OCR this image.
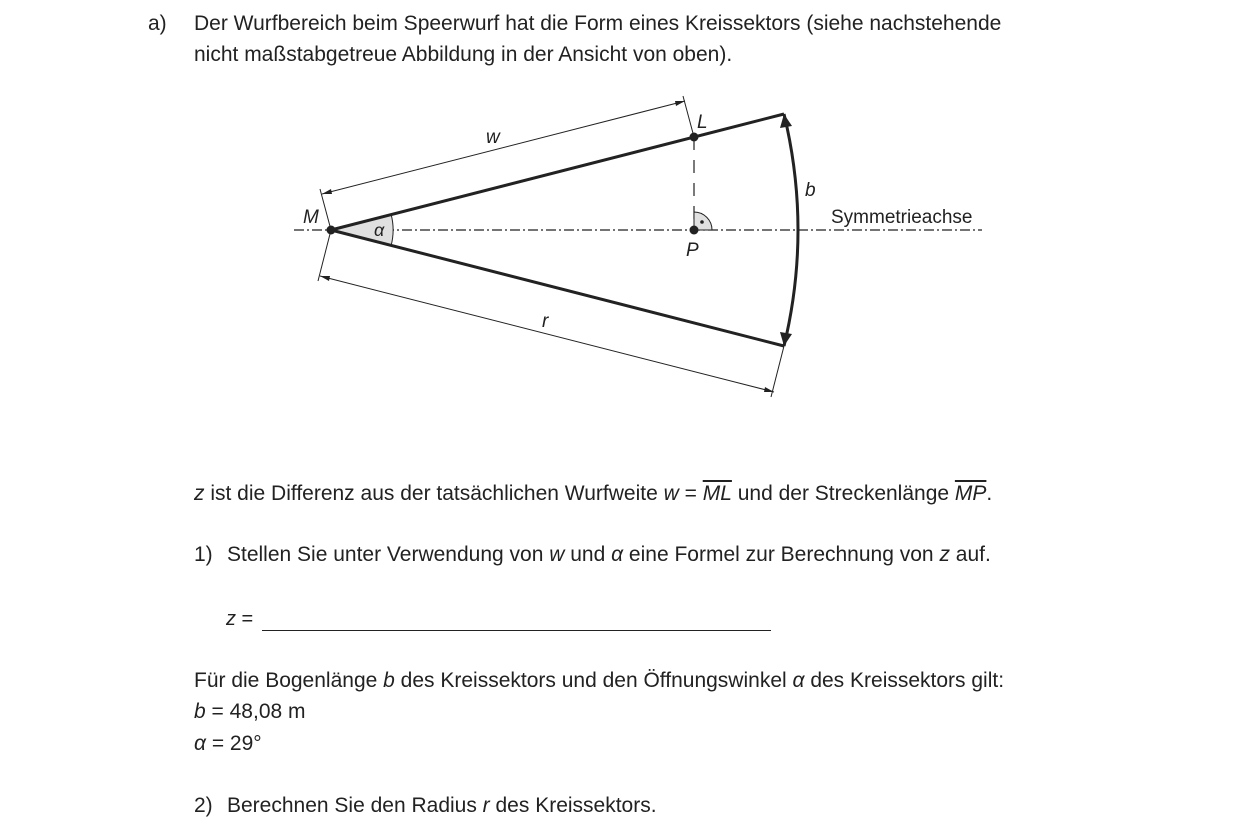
a) Der Wurfbereich beim Speerwurf hat die Form eines Kreissektors (siehe nachstehende
nicht maßstabgetreue Abbildung in der Ansicht von oben).
w
L
b
M
α
P
r
Symmetrieachse
z ist die Differenz aus der tatsächlichen Wurfweite $w = \overline{ML}$ und der Streckenlänge $\overline{MP}$.
1) Stellen Sie unter Verwendung von w und α eine Formel zur Berechnung von z auf.
z =
Für die Bogenlänge b des Kreissektors und den Öffnungswinkel α des Kreissektors gilt:
b = 48,08 m
α = 29°
2) Berechnen Sie den Radius r des Kreissektors.
